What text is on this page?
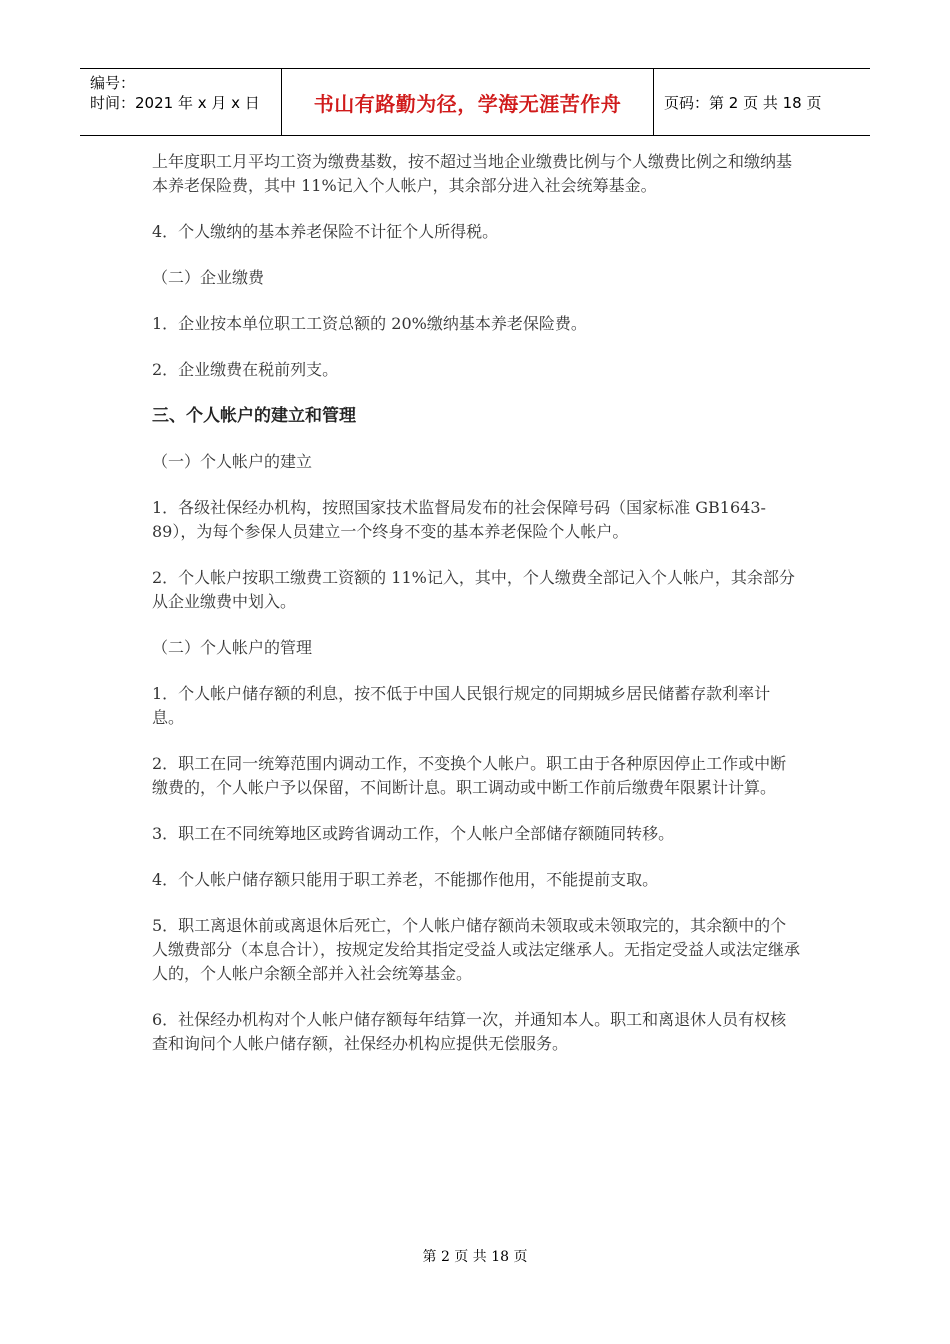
编号：
时间：2021 年 x 月 x 日	书山有路勤为径，学海无涯苦作舟	页码：第 2 页 共 18 页

上年度职工月平均工资为缴费基数，按不超过当地企业缴费比例与个人缴费比例之和缴纳基本养老保险费，其中 11%记入个人帐户，其余部分进入社会统筹基金。

4．个人缴纳的基本养老保险不计征个人所得税。

（二）企业缴费

1．企业按本单位职工工资总额的 20%缴纳基本养老保险费。

2．企业缴费在税前列支。

三、个人帐户的建立和管理

（一）个人帐户的建立

1．各级社保经办机构，按照国家技术监督局发布的社会保障号码（国家标准 GB1643-89），为每个参保人员建立一个终身不变的基本养老保险个人帐户。

2．个人帐户按职工缴费工资额的 11%记入，其中，个人缴费全部记入个人帐户，其余部分从企业缴费中划入。

（二）个人帐户的管理

1．个人帐户储存额的利息，按不低于中国人民银行规定的同期城乡居民储蓄存款利率计息。

2．职工在同一统筹范围内调动工作，不变换个人帐户。职工由于各种原因停止工作或中断缴费的，个人帐户予以保留，不间断计息。职工调动或中断工作前后缴费年限累计计算。

3．职工在不同统筹地区或跨省调动工作，个人帐户全部储存额随同转移。

4．个人帐户储存额只能用于职工养老，不能挪作他用，不能提前支取。

5．职工离退休前或离退休后死亡，个人帐户储存额尚未领取或未领取完的，其余额中的个人缴费部分（本息合计），按规定发给其指定受益人或法定继承人。无指定受益人或法定继承人的，个人帐户余额全部并入社会统筹基金。

6．社保经办机构对个人帐户储存额每年结算一次，并通知本人。职工和离退休人员有权核查和询问个人帐户储存额，社保经办机构应提供无偿服务。

第 2 页 共 18 页
